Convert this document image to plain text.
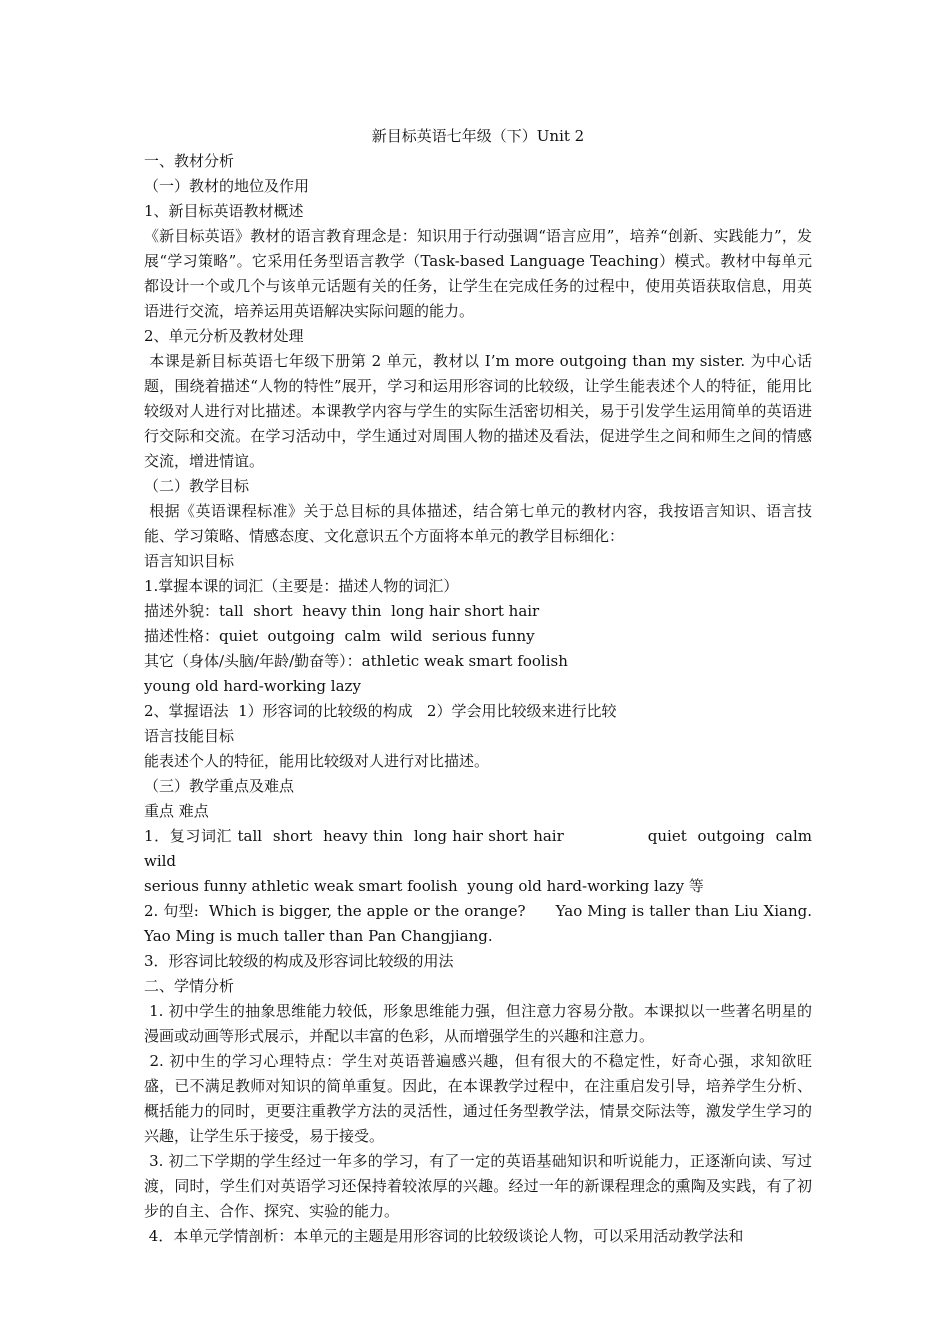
新目标英语七年级（下）Unit 2

一、教材分析

（一）教材的地位及作用

1、新目标英语教材概述

《新目标英语》教材的语言教育理念是：知识用于行动强调“语言应用”，培养“创新、实践能力”，发展“学习策略”。它采用任务型语言教学（Task-based Language Teaching）模式。教材中每单元都设计一个或几个与该单元话题有关的任务，让学生在完成任务的过程中，使用英语获取信息，用英语进行交流，培养运用英语解决实际问题的能力。

2、单元分析及教材处理

本课是新目标英语七年级下册第 2 单元，教材以 I’m more outgoing than my sister. 为中心话题，围绕着描述“人物的特性”展开，学习和运用形容词的比较级，让学生能表述个人的特征，能用比较级对人进行对比描述。本课教学内容与学生的实际生活密切相关，易于引发学生运用简单的英语进行交际和交流。在学习活动中，学生通过对周围人物的描述及看法，促进学生之间和师生之间的情感交流，增进情谊。

（二）教学目标

根据《英语课程标准》关于总目标的具体描述，结合第七单元的教材内容，我按语言知识、语言技能、学习策略、情感态度、文化意识五个方面将本单元的教学目标细化：

语言知识目标

1.掌握本课的词汇（主要是：描述人物的词汇）

描述外貌：tall  short  heavy thin  long hair short hair

描述性格：quiet  outgoing  calm  wild  serious funny

其它（身体/头脑/年龄/勤奋等）：athletic weak smart foolish

young old hard-working lazy

2、掌握语法  1）形容词的比较级的构成   2）学会用比较级来进行比较

语言技能目标

能表述个人的特征，能用比较级对人进行对比描述。

（三）教学重点及难点

重点 难点

1．复习词汇 tall  short  heavy thin  long hair short hair	quiet  outgoing  calm  wild

serious funny athletic weak smart foolish  young old hard-working lazy 等

2. 句型:  Which is bigger, the apple or the orange?      Yao Ming is taller than Liu Xiang. Yao Ming is much taller than Pan Changjiang.

3．形容词比较级的构成及形容词比较级的用法

二、学情分析

1. 初中学生的抽象思维能力较低，形象思维能力强，但注意力容易分散。本课拟以一些著名明星的漫画或动画等形式展示，并配以丰富的色彩，从而增强学生的兴趣和注意力。

2. 初中生的学习心理特点：学生对英语普遍感兴趣，但有很大的不稳定性，好奇心强，求知欲旺盛，已不满足教师对知识的简单重复。因此，在本课教学过程中，在注重启发引导，培养学生分析、概括能力的同时，更要注重教学方法的灵活性，通过任务型教学法，情景交际法等，激发学生学习的兴趣，让学生乐于接受，易于接受。

3. 初二下学期的学生经过一年多的学习，有了一定的英语基础知识和听说能力，正逐渐向读、写过渡，同时，学生们对英语学习还保持着较浓厚的兴趣。经过一年的新课程理念的熏陶及实践，有了初步的自主、合作、探究、实验的能力。

4．本单元学情剖析：本单元的主题是用形容词的比较级谈论人物，可以采用活动教学法和
